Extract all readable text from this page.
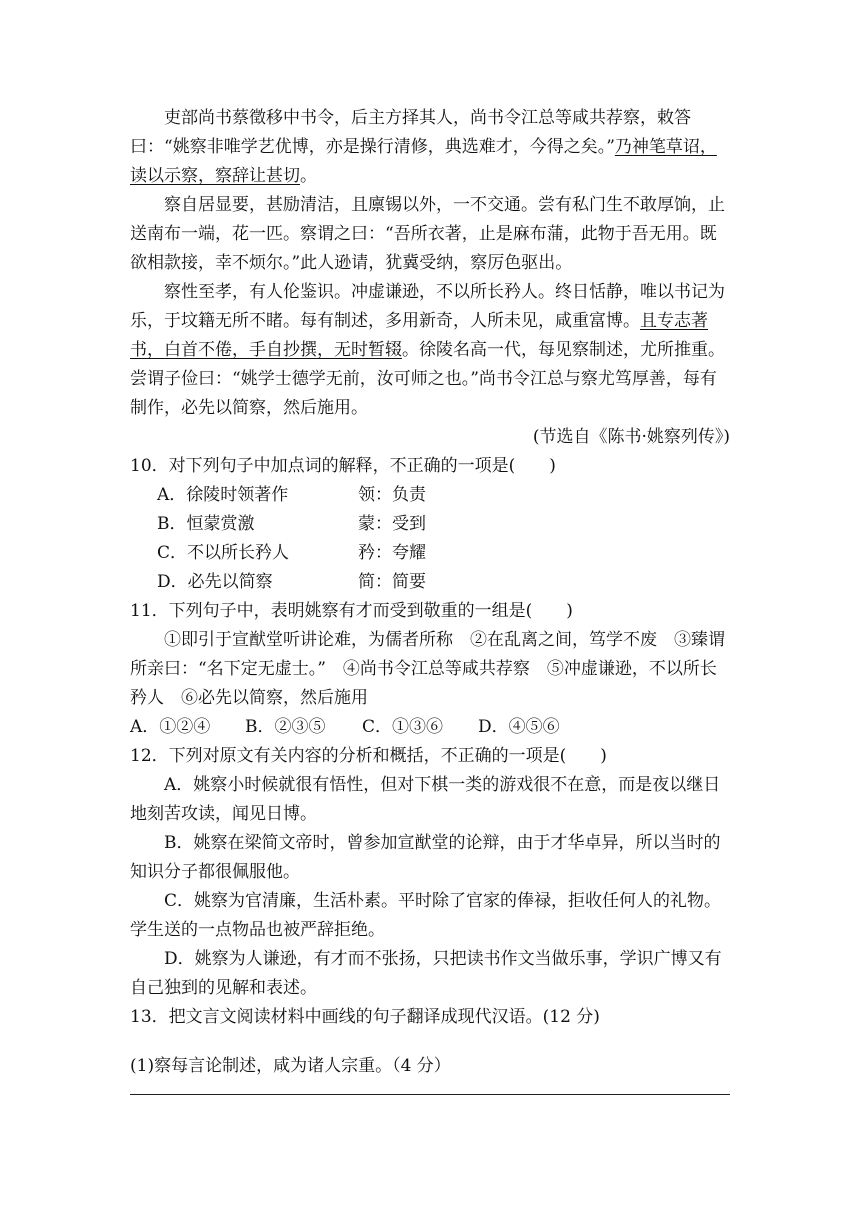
吏部尚书蔡徵移中书令，后主方择其人，尚书令江总等咸共荐察，敕答曰：“姚察非唯学艺优博，亦是操行清修，典选难才，今得之矣。”乃神笔草诏，读以示察，察辞让甚切。
察自居显要，甚励清洁，且廪锡以外，一不交通。尝有私门生不敢厚饷，止送南布一端，花一匹。察谓之曰：“吾所衣著，止是麻布蒲，此物于吾无用。既欲相款接，幸不烦尔。”此人逊请，犹冀受纳，察厉色驱出。
察性至孝，有人伦鉴识。冲虚谦逊，不以所长矜人。终日恬静，唯以书记为乐，于坟籍无所不睹。每有制述，多用新奇，人所未见，咸重富博。且专志著书，白首不倦，手自抄撰，无时暂辍。徐陵名高一代，每见察制述，尤所推重。尝谓子俭曰：“姚学士德学无前，汝可师之也。”尚书令江总与察尤笃厚善，每有制作，必先以简察，然后施用。
(节选自《陈书·姚察列传》)
10．对下列句子中加点词的解释，不正确的一项是(　　)
A．徐陵时领著作	领：负责
B．恒蒙赏激	蒙：受到
C．不以所长矜人	矜：夸耀
D．必先以简察	简：简要
11．下列句子中，表明姚察有才而受到敬重的一组是(　　)
①即引于宣猷堂听讲论难，为儒者所称　②在乱离之间，笃学不废　③臻谓所亲曰：“名下定无虚士。”　④尚书令江总等咸共荐察　⑤冲虚谦逊，不以所长矜人　⑥必先以简察，然后施用
A．①②④ B．②③⑤ C．①③⑥ D．④⑤⑥
12．下列对原文有关内容的分析和概括，不正确的一项是(　　)
A．姚察小时候就很有悟性，但对下棋一类的游戏很不在意，而是夜以继日地刻苦攻读，闻见日博。
B．姚察在梁简文帝时，曾参加宣猷堂的论辩，由于才华卓异，所以当时的知识分子都很佩服他。
C．姚察为官清廉，生活朴素。平时除了官家的俸禄，拒收任何人的礼物。学生送的一点物品也被严辞拒绝。
D．姚察为人谦逊，有才而不张扬，只把读书作文当做乐事，学识广博又有自己独到的见解和表述。
13．把文言文阅读材料中画线的句子翻译成现代汉语。(12 分)
(1)察每言论制述，咸为诸人宗重。（4 分）
